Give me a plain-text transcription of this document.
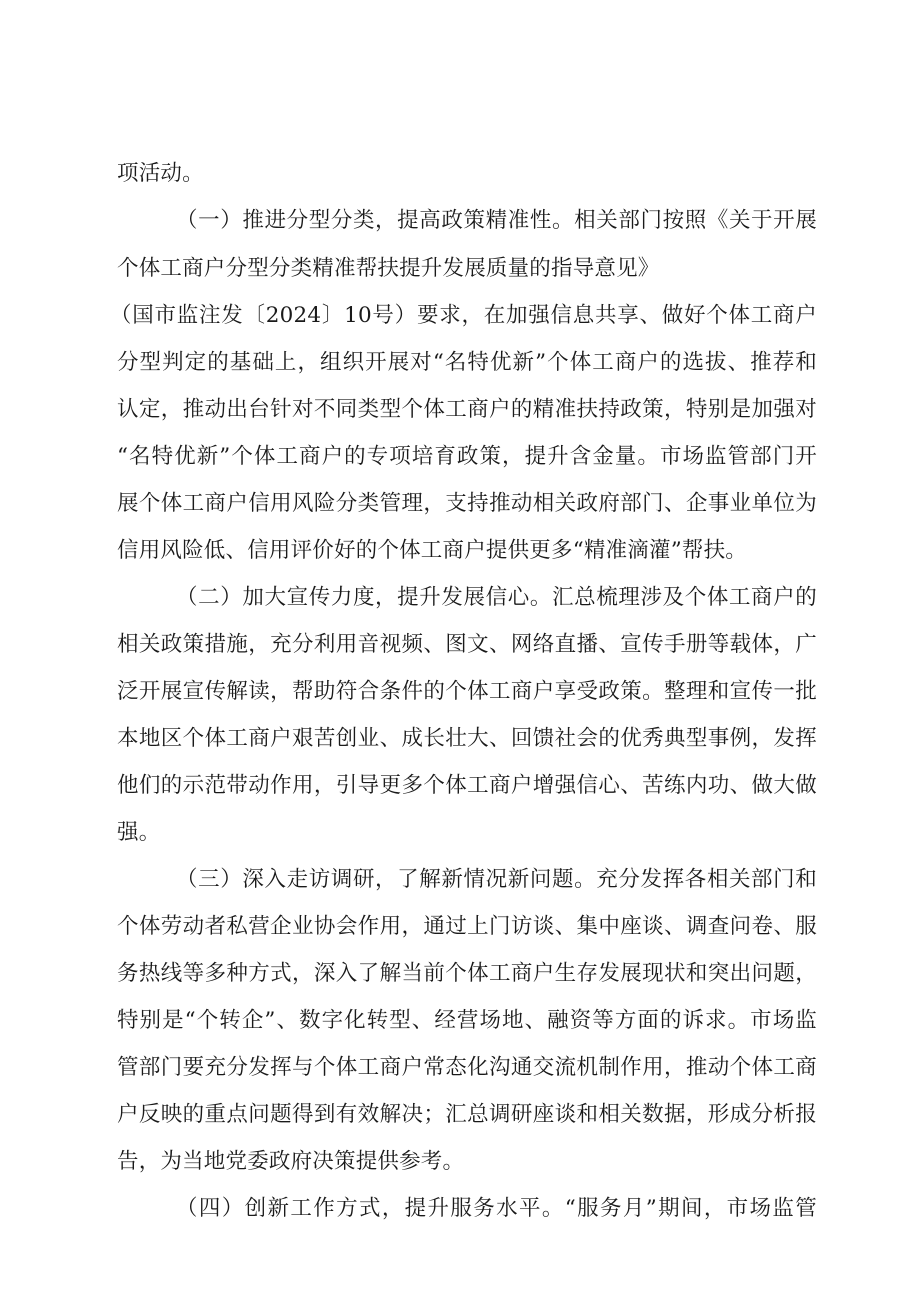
项活动。
（一）推进分型分类，提高政策精准性。相关部门按照《关于开展
个体工商户分型分类精准帮扶提升发展质量的指导意见》
（国市监注发〔2024〕10号）要求，在加强信息共享、做好个体工商户
分型判定的基础上，组织开展对“名特优新”个体工商户的选拔、推荐和
认定，推动出台针对不同类型个体工商户的精准扶持政策，特别是加强对
“名特优新”个体工商户的专项培育政策，提升含金量。市场监管部门开
展个体工商户信用风险分类管理，支持推动相关政府部门、企事业单位为
信用风险低、信用评价好的个体工商户提供更多“精准滴灌”帮扶。
（二）加大宣传力度，提升发展信心。汇总梳理涉及个体工商户的
相关政策措施，充分利用音视频、图文、网络直播、宣传手册等载体，广
泛开展宣传解读，帮助符合条件的个体工商户享受政策。整理和宣传一批
本地区个体工商户艰苦创业、成长壮大、回馈社会的优秀典型事例，发挥
他们的示范带动作用，引导更多个体工商户增强信心、苦练内功、做大做
强。
（三）深入走访调研，了解新情况新问题。充分发挥各相关部门和
个体劳动者私营企业协会作用，通过上门访谈、集中座谈、调查问卷、服
务热线等多种方式，深入了解当前个体工商户生存发展现状和突出问题，
特别是“个转企”、数字化转型、经营场地、融资等方面的诉求。市场监
管部门要充分发挥与个体工商户常态化沟通交流机制作用，推动个体工商
户反映的重点问题得到有效解决；汇总调研座谈和相关数据，形成分析报
告，为当地党委政府决策提供参考。
（四）创新工作方式，提升服务水平。“服务月”期间，市场监管
